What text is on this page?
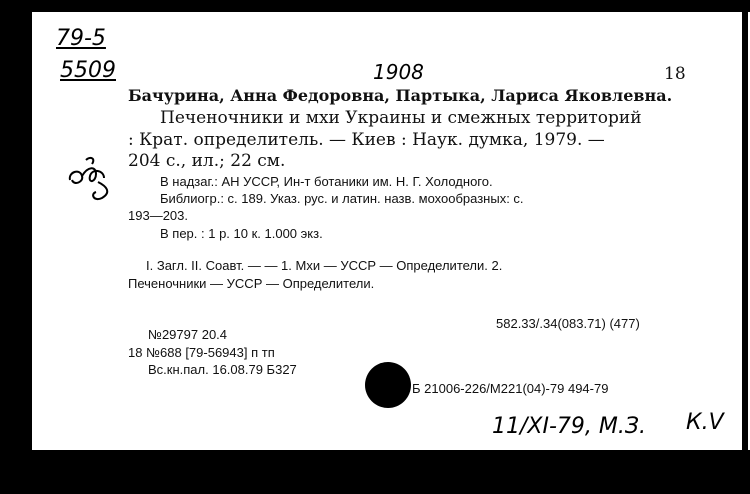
79-5
5509	1908	18
Бачурина, Анна Федоровна, Партыка, Лариса Яковлевна.
Печеночники и мхи Украины и смежных территорий
: Крат. определитель. — Киев : Наук. думка, 1979. —
204 с., ил.; 22 см.
В надзаг.: АН УССР, Ин-т ботаники им. Н. Г. Холодного.
Библиогр.: с. 189. Указ. рус. и латин. назв. мохообразных: с.
193—203.
В пер. : 1 р. 10 к. 1.000 экз.
I. Загл. II. Соавт. — — 1. Мхи — УССР — Определители. 2.
Печеночники — УССР — Определители.
582.33/.34(083.71) (477)
№29797 20.4
18 №688 [79-56943] п тп
Вс.кн.пал. 16.08.79 Б327
Б 21006-226/М221(04)-79 494-79
11/XI-79, М.З. К.V
